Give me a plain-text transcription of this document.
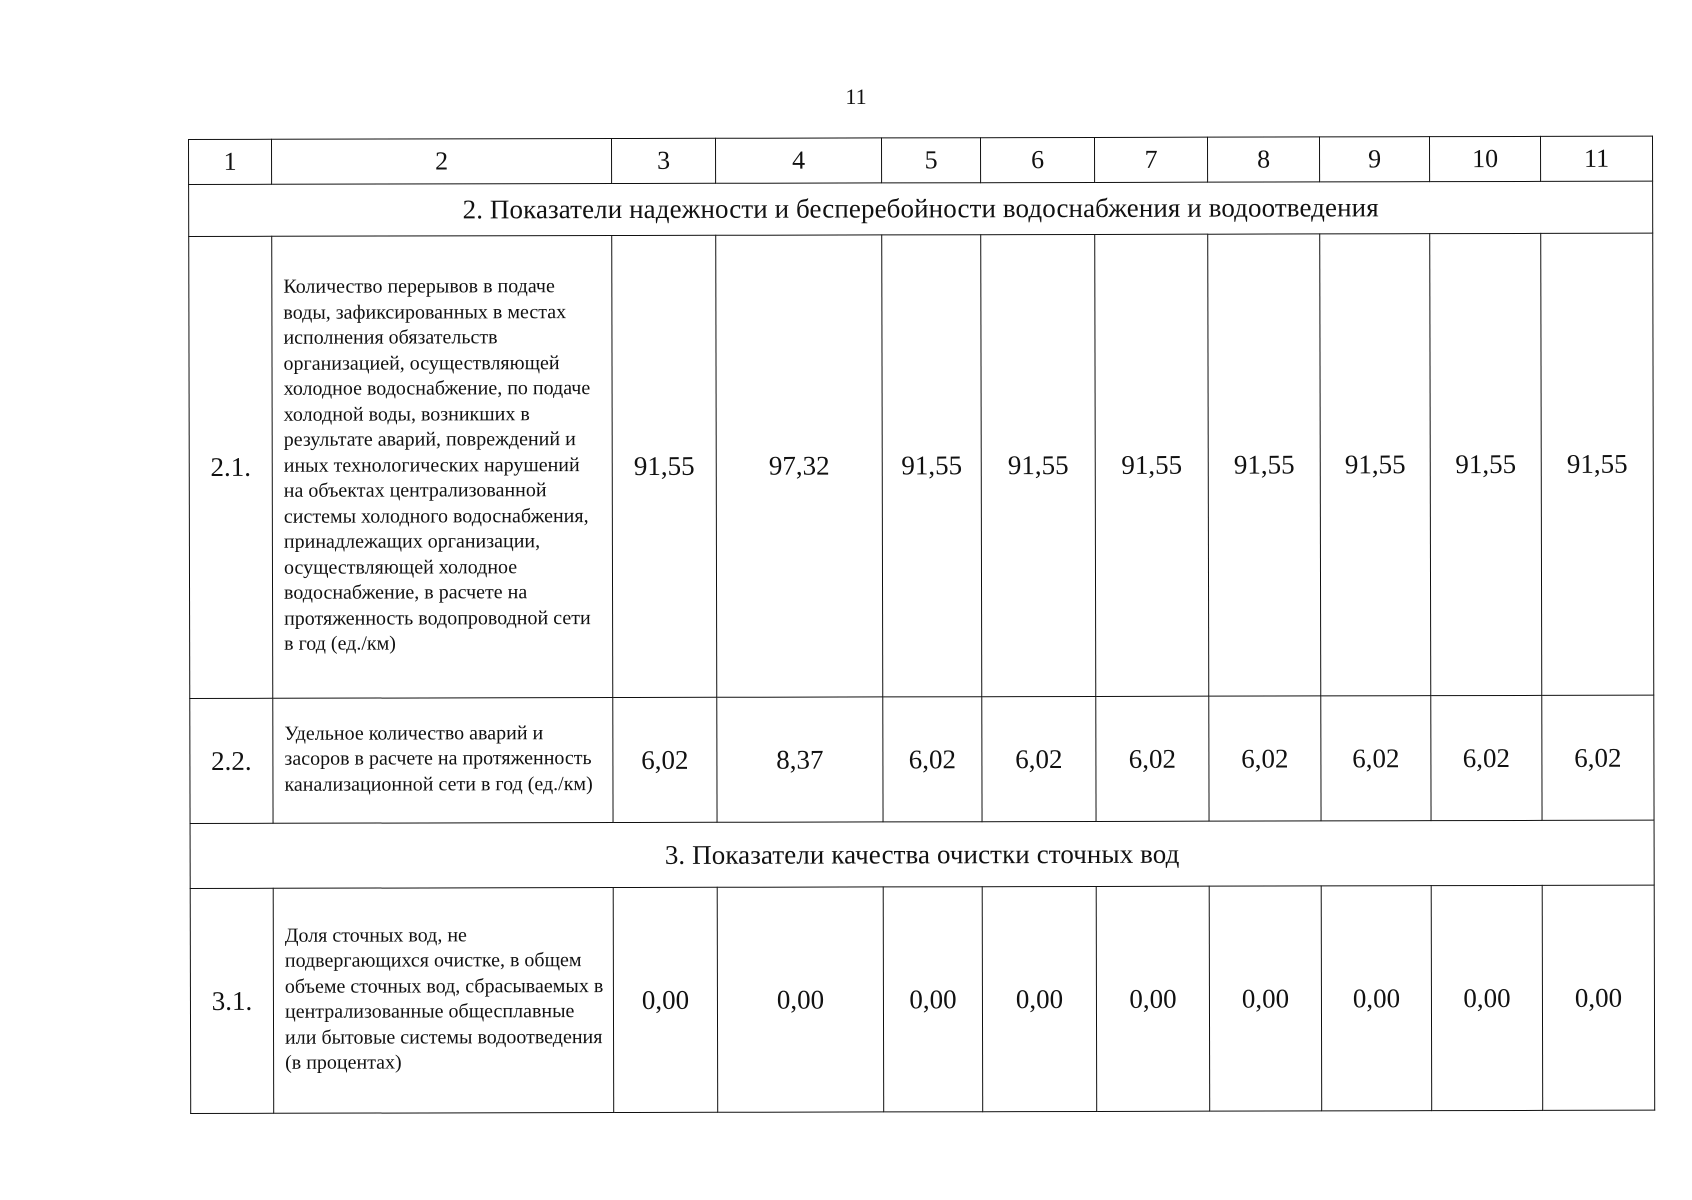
11
1	2	3	4	5	6	7	8	9	10	11
2. Показатели надежности и бесперебойности водоснабжения и водоотведения										
2.1.	Количество перерывов в подаче воды, зафиксированных в местах исполнения обязательств организацией, осуществляющей холодное водоснабжение, по подаче холодной воды, возникших в результате аварий, повреждений и иных технологических нарушений на объектах централизованной системы холодного водоснабжения, принадлежащих организации, осуществляющей холодное водоснабжение, в расчете на протяженность водопроводной сети в год (ед./км)	91,55	97,32	91,55	91,55	91,55	91,55	91,55	91,55	91,55
2.2.	Удельное количество аварий и засоров в расчете на протяженность канализационной сети в год (ед./км)	6,02	8,37	6,02	6,02	6,02	6,02	6,02	6,02	6,02
3. Показатели качества очистки сточных вод										
3.1.	Доля сточных вод, не подвергающихся очистке, в общем объеме сточных вод, сбрасываемых в централизованные общесплавные или бытовые системы водоотведения (в процентах)	0,00	0,00	0,00	0,00	0,00	0,00	0,00	0,00	0,00
